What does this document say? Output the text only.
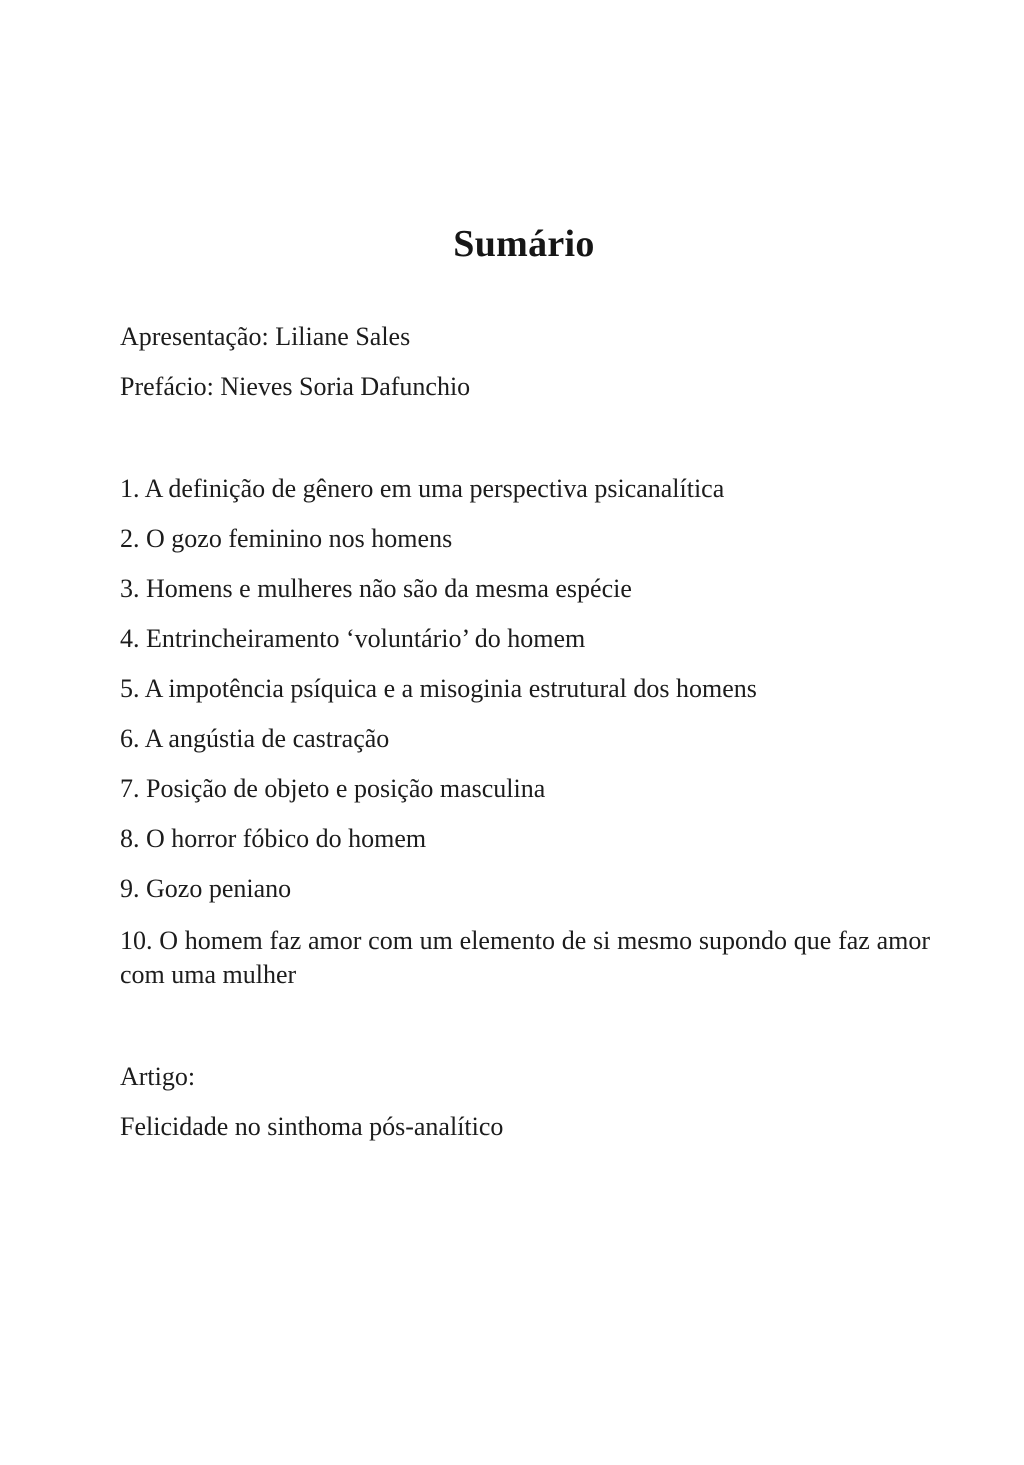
Sumário

Apresentação: Liliane Sales

Prefácio: Nieves Soria Dafunchio

1. A definição de gênero em uma perspectiva psicanalítica

2. O gozo feminino nos homens

3. Homens e mulheres não são da mesma espécie

4. Entrincheiramento ‘voluntário’ do homem

5. A impotência psíquica e a misoginia estrutural dos homens

6. A angústia de castração

7. Posição de objeto e posição masculina

8. O horror fóbico do homem

9. Gozo peniano

10. O homem faz amor com um elemento de si mesmo supondo que faz amor com uma mulher

Artigo:

Felicidade no sinthoma pós-analítico
